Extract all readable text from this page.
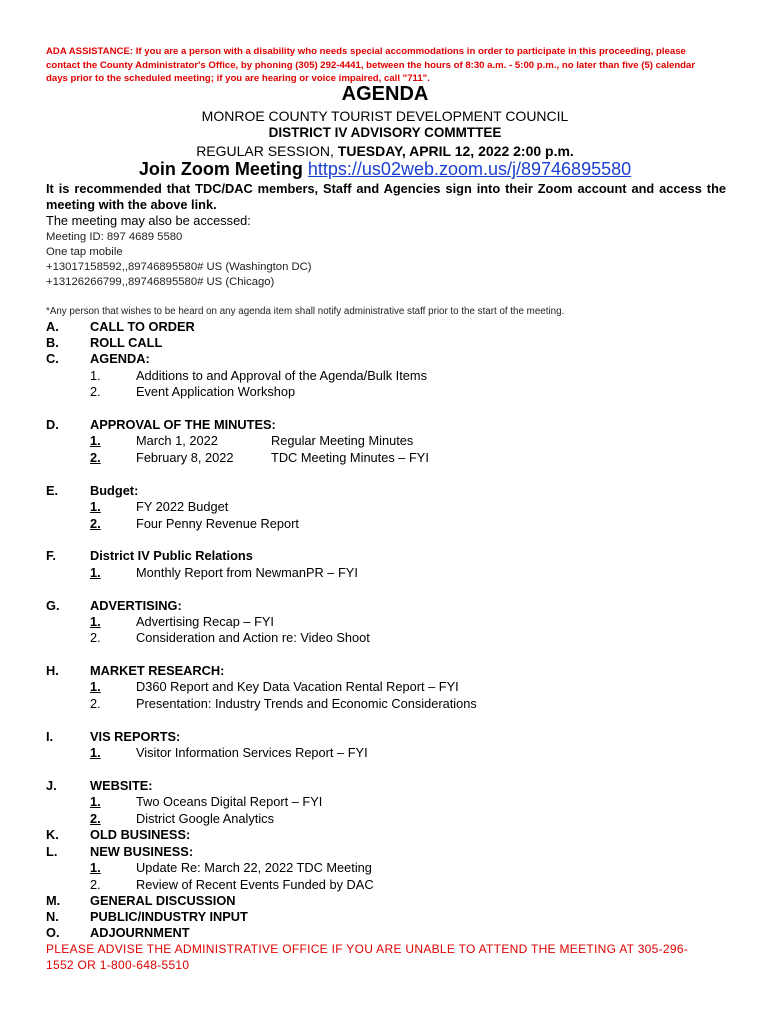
ADA ASSISTANCE: If you are a person with a disability who needs special accommodations in order to participate in this proceeding, please contact the County Administrator's Office, by phoning (305) 292-4441, between the hours of 8:30 a.m. - 5:00 p.m., no later than five (5) calendar days prior to the scheduled meeting; if you are hearing or voice impaired, call "711".
AGENDA
MONROE COUNTY TOURIST DEVELOPMENT COUNCIL
DISTRICT IV ADVISORY COMMTTEE
REGULAR SESSION, TUESDAY, APRIL 12, 2022 2:00 p.m.
Join Zoom Meeting https://us02web.zoom.us/j/89746895580
It is recommended that TDC/DAC members, Staff and Agencies sign into their Zoom account and access the meeting with the above link.
The meeting may also be accessed:
Meeting ID: 897 4689 5580
One tap mobile
+13017158592,,89746895580# US (Washington DC)
+13126266799,,89746895580# US (Chicago)
*Any person that wishes to be heard on any agenda item shall notify administrative staff prior to the start of the meeting.
A. CALL TO ORDER
B. ROLL CALL
C. AGENDA:
1.	Additions to and Approval of the Agenda/Bulk Items
2.	Event Application Workshop
D. APPROVAL OF THE MINUTES:
1.	March 1, 2022	Regular Meeting Minutes
2.	February 8, 2022	TDC Meeting Minutes – FYI
E. Budget:
1.	FY 2022 Budget
2.	Four Penny Revenue Report
F.	District IV Public Relations
1.	Monthly Report from NewmanPR – FYI
G. ADVERTISING:
1.	Advertising Recap – FYI
2.	Consideration and Action re: Video Shoot
H. MARKET RESEARCH:
1.	D360 Report and Key Data Vacation Rental Report – FYI
2.	Presentation: Industry Trends and Economic Considerations
I.	VIS REPORTS:
1.	Visitor Information Services Report – FYI
J.	WEBSITE:
1.	Two Oceans Digital Report – FYI
2.	District Google Analytics
K. OLD BUSINESS:
L.	NEW BUSINESS:
1.	Update Re: March 22, 2022 TDC Meeting
2.	Review of Recent Events Funded by DAC
M. GENERAL DISCUSSION
N. PUBLIC/INDUSTRY INPUT
O. ADJOURNMENT
PLEASE ADVISE THE ADMINISTRATIVE OFFICE IF YOU ARE UNABLE TO ATTEND THE MEETING AT 305-296-1552 OR 1-800-648-5510
